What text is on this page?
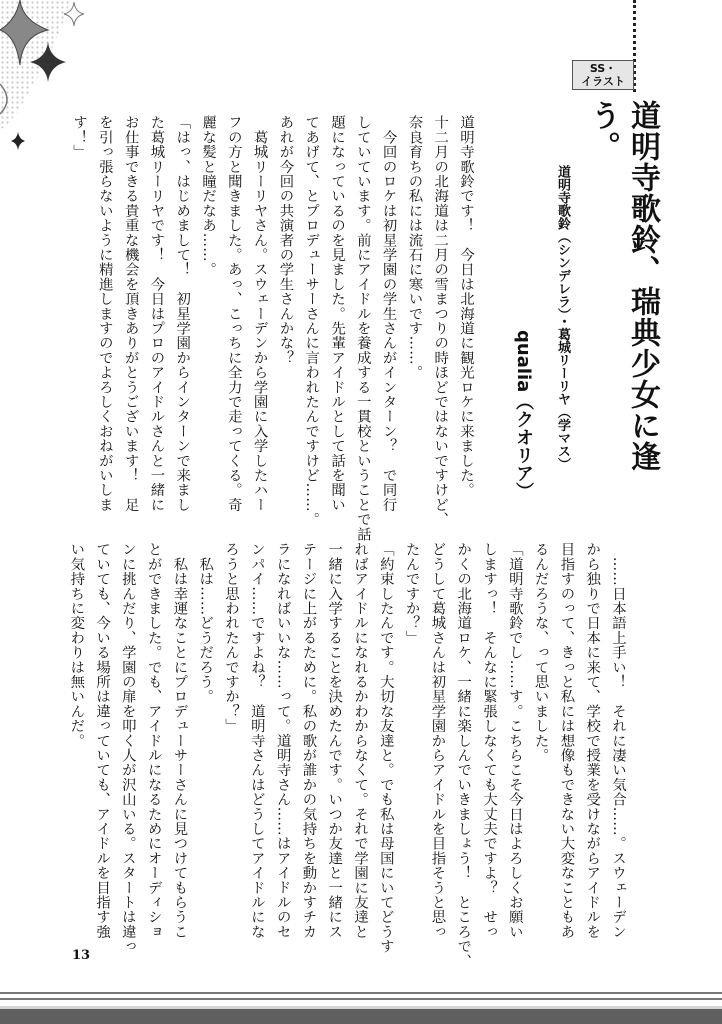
SS・
イラスト
道明寺歌鈴、瑞典少女に逢う。
道明寺歌鈴（シンデレラ）・葛城リーリヤ（学マス）
qualia（クオリア）

道明寺歌鈴です！　今日は北海道に観光ロケに来ました。

十二月の北海道は二月の雪まつりの時ほどではないですけど、

奈良育ちの私には流石に寒いです……。

　今回のロケは初星学園の学生さんがインターン？　で同行

していています。前にアイドルを養成する一貫校ということで話

題になっているのを見ました。先輩アイドルとして話を聞い

てあげて、とプロデューサーさんに言われたんですけど……。

あれが今回の共演者の学生さんかな？

　葛城リーリヤさん。スウェーデンから学園に入学したハー

フの方と聞きました。あっ、こっちに全力で走ってくる。奇

麗な髪と瞳だなあ……。

「はっ、はじめまして！　初星学園からインターンで来まし

た葛城リーリヤです！　今日はプロのアイドルさんと一緒に

お仕事できる貴重な機会を頂きありがとうございます！　足

を引っ張らないように精進しますのでよろしくおねがいしま

す！」

　……日本語上手い！　それに凄い気合……。スウェーデン

から独りで日本に来て、学校で授業を受けながらアイドルを

目指すのって、きっと私には想像もできない大変なこともあ

るんだろうな、って思いました。

「道明寺歌鈴でし……す。こちらこそ今日はよろしくお願い

しますっ！　そんなに緊張しなくても大丈夫ですよ？　せっ

かくの北海道ロケ、一緒に楽しんでいきましょう！　ところで、

どうして葛城さんは初星学園からアイドルを目指そうと思っ

たんですか？」

「約束したんです。大切な友達と。でも私は母国にいてどうす

ればアイドルになれるかわからなくて。それで学園に友達と

一緒に入学することを決めたんです。いつか友達と一緒にス

テージに上がるために。私の歌が誰かの気持ちを動かすチカ

ラになればいいな……って。道明寺さん……はアイドルのセ

ンパイ……ですよね？　道明寺さんはどうしてアイドルにな

ろうと思われたんですか？」

　私は……どうだろう。

　私は幸運なことにプロデューサーさんに見つけてもらうこ

とができました。でも、アイドルになるためにオーディショ

ンに挑んだり、学園の扉を叩く人が沢山いる。スタートは違っ

ていても、今いる場所は違っていても、アイドルを目指す強

い気持ちに変わりは無いんだ。

13
